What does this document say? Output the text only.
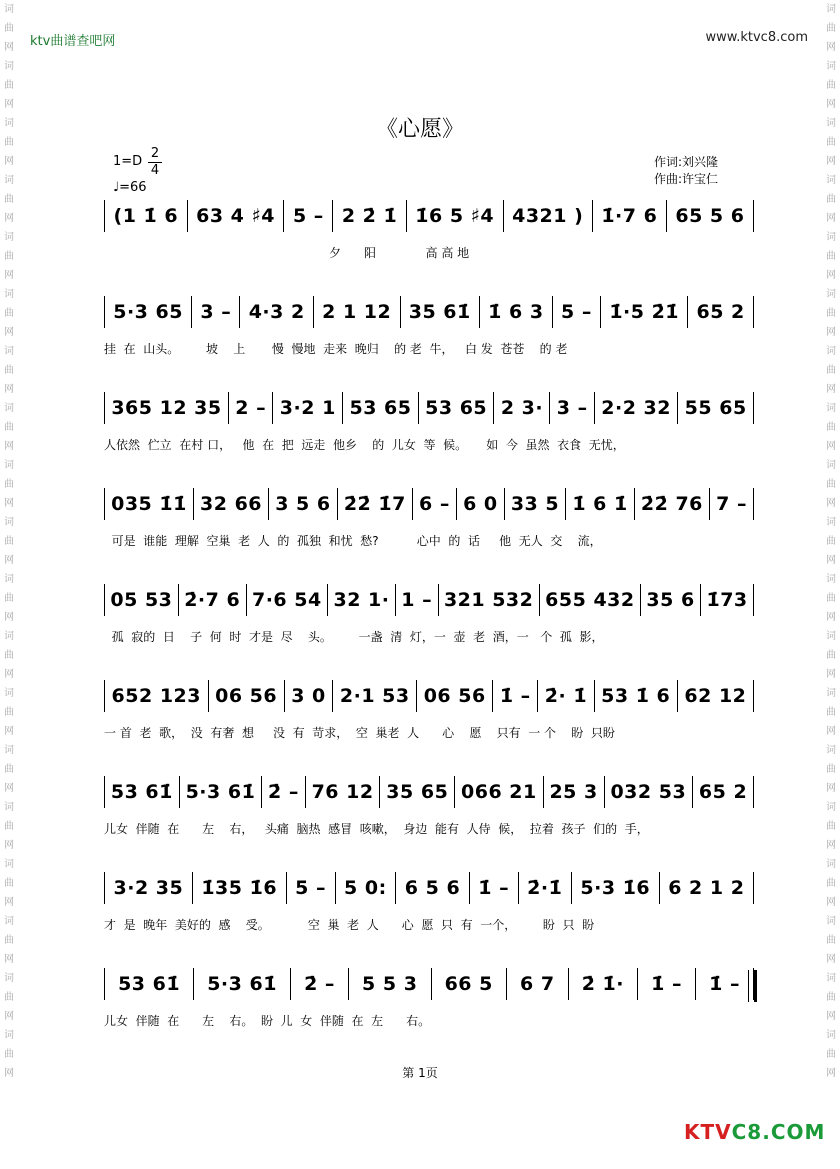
词曲网词曲网词曲网词曲网词曲网词曲网词曲网词曲网词曲网词曲网词曲网词曲网词曲网词曲网词曲网词曲网词曲网词曲网词曲网
词曲网词曲网词曲网词曲网词曲网词曲网词曲网词曲网词曲网词曲网词曲网词曲网词曲网词曲网词曲网词曲网词曲网词曲网词曲网
ktv曲谱查吧网	www.ktvc8.com
《心愿》
$1=D \frac{2}{4}$
♩=66
作词:刘兴隆
作曲:许宝仁
(1 1̇ 6 63 4 ♯4 5 – 2 2̇ 1̇ 1̇6 5 ♯4 4321 ) 1̇·7 6 65 5 6
夕      阳             高 高 地
5·3 65 3 – 4·3 2 2 1 12 35 61̇ 1̇ 6 3 5 – 1̇·5 2̇1̇ 65 2
挂  在  山头。       坡    上       慢  慢地  走来  晚归    的 老  牛，   白 发  苍苍    的 老
365 12 35 2 – 3·2 1 53 65 53 65 2 3· 3 – 2·2 32 55 65
人依然  伫立  在村 口，   他  在  把  远走  他乡    的  儿女  等  候。     如  今  虽然  衣食  无忧，
035 1̇1̇ 32 66 3 5 6 2̇2̇ 1̇7 6 – 6 0 33 5 1̇ 6 1̇ 2̇2̇ 76 7 –
可是  谁能  理解  空巢  老  人  的  孤独  和忧  愁?          心中  的  话     他  无人  交    流，
05 53 2̇·7 6 7·6 54 32 1· 1 – 321 532 655 432 35 6 1̇73
孤  寂的  日    子  何  时  才是  尽    头。       一盏  清  灯，一  壶  老  酒，一   个  孤  影，
652 123 06 56 3 0 2·1 53 06 56 1̇ – 2̇· 1̇ 53 1̇ 6 62 12
一 首  老  歌，  没  有奢  想     没  有  苛求，  空  巢老  人      心    愿    只有  一 个    盼  只盼
53 61̇ 5·3 61̇ 2̇ – 76 12 35 65 066 21 25 3 032 53 65 2
儿女  伴随  在      左    右，   头痛  脑热  感冒  咳嗽，  身边  能有  人侍  候，  拉着  孩子  们的  手，
3·2 35 1̇35 1̇6 5 – 5 0: 6 5 6 1̇ – 2̇·1̇ 5·3 1̇6 6 2 1 2
才  是  晚年  美好的  感    受。          空  巢  老  人      心  愿  只  有  一个，       盼  只  盼
53 61̇	5·3 61̇	2̇ –	5 5 3	66 5	6 7	2̇ 1̇·	1̇ –	1̇ –
儿女  伴随  在      左    右。  盼  儿  女  伴随  在  左      右。
第 1页
KTVC8.COM
